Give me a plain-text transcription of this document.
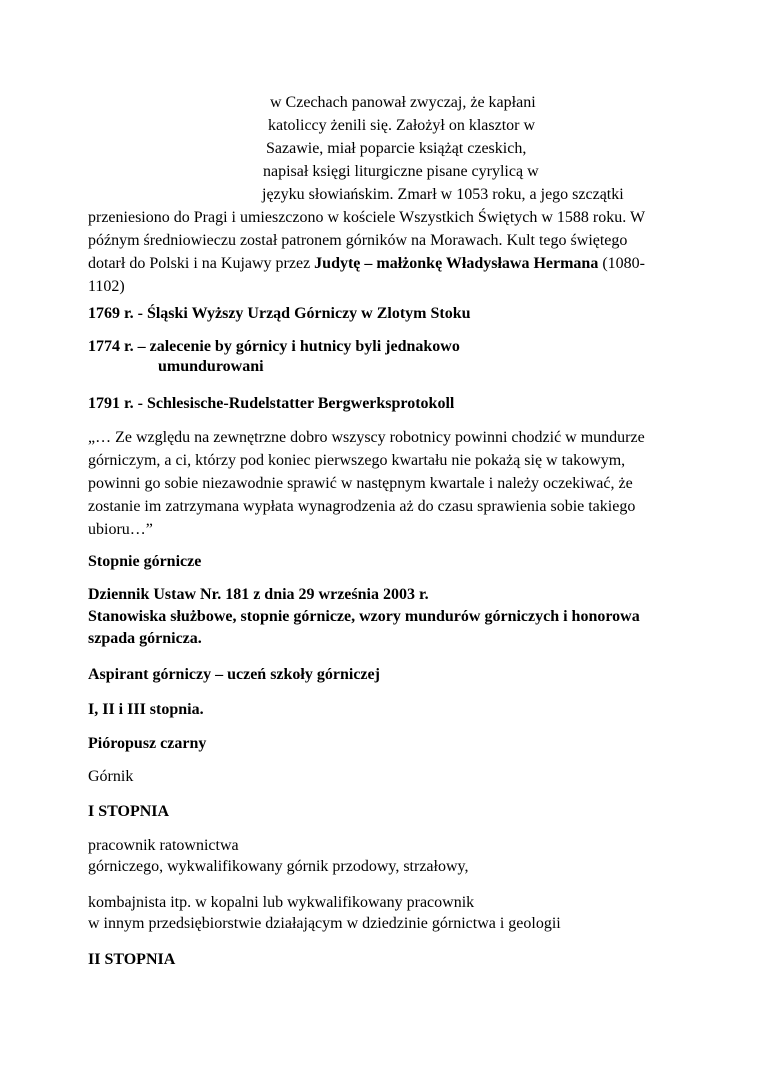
w Czechach panował zwyczaj, że kapłani
katoliccy żenili się. Założył on klasztor w
Sazawie, miał poparcie książąt czeskich,
napisał księgi liturgiczne pisane cyrylicą w
języku słowiańskim. Zmarł w 1053 roku, a jego szczątki
przeniesiono do Pragi i umieszczono w kościele Wszystkich Świętych w 1588 roku. W
późnym średniowieczu został patronem górników na Morawach. Kult tego świętego
dotarł do Polski i na Kujawy przez Judytę – małżonkę Władysława Hermana (1080-
1102)
1769 r. - Śląski Wyższy Urząd Górniczy w Zlotym Stoku
1774 r. – zalecenie by górnicy i hutnicy byli jednakowo
umundurowani
1791 r. - Schlesische-Rudelstatter Bergwerksprotokoll
„… Ze względu na zewnętrzne dobro wszyscy robotnicy powinni chodzić w mundurze
górniczym, a ci, którzy pod koniec pierwszego kwartału nie pokażą się w takowym,
powinni go sobie niezawodnie sprawić w następnym kwartale i należy oczekiwać, że
zostanie im zatrzymana wypłata wynagrodzenia aż do czasu sprawienia sobie takiego
ubioru…”
Stopnie górnicze
Dziennik Ustaw Nr. 181 z dnia 29 września 2003 r.
Stanowiska służbowe, stopnie górnicze, wzory mundurów górniczych i honorowa
szpada górnicza.
Aspirant górniczy – uczeń szkoły górniczej
I, II i III stopnia.
Pióropusz czarny
Górnik
I STOPNIA
pracownik ratownictwa
górniczego, wykwalifikowany górnik przodowy, strzałowy,
kombajnista itp. w kopalni lub wykwalifikowany pracownik
w innym przedsiębiorstwie działającym w dziedzinie górnictwa i geologii
II STOPNIA
